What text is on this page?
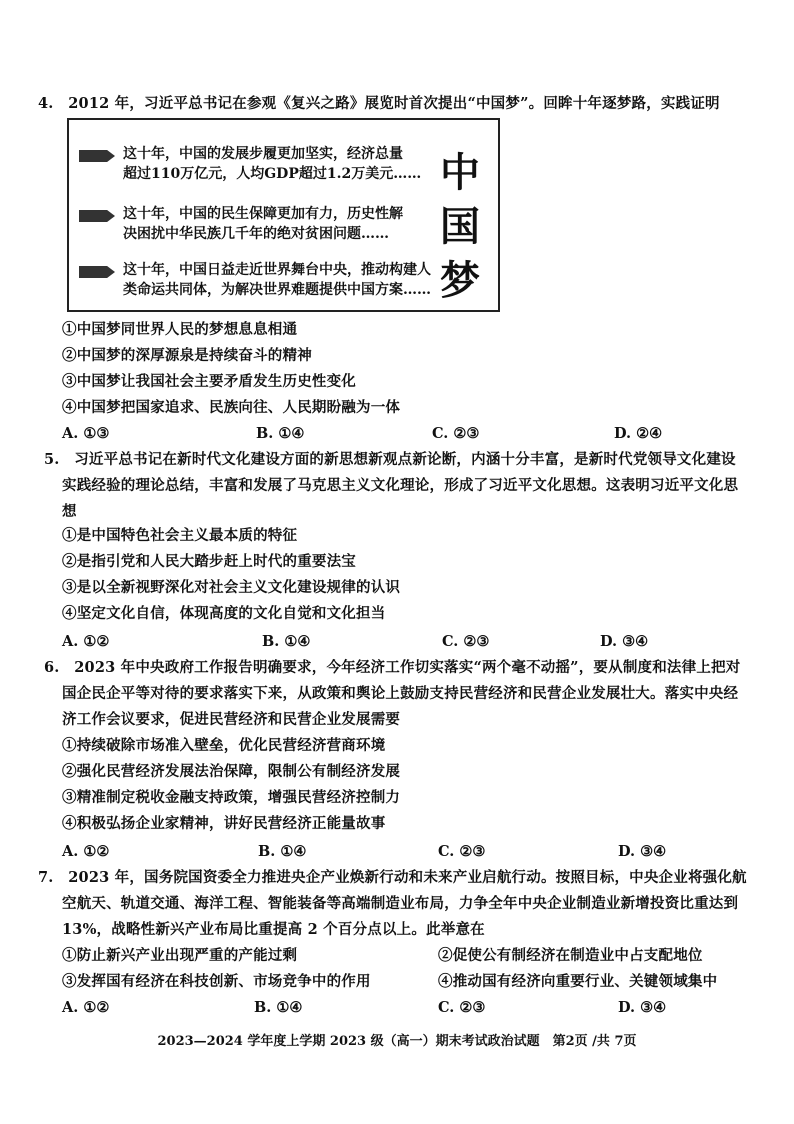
4.　2012 年，习近平总书记在参观《复兴之路》展览时首次提出“中国梦”。回眸十年逐梦路，实践证明
这十年，中国的发展步履更加坚实，经济总量
超过110万亿元，人均GDP超过1.2万美元……
这十年，中国的民生保障更加有力，历史性解
决困扰中华民族几千年的绝对贫困问题……
这十年，中国日益走近世界舞台中央，推动构建人
类命运共同体，为解决世界难题提供中国方案……
中
国
梦
①中国梦同世界人民的梦想息息相通
②中国梦的深厚源泉是持续奋斗的精神
③中国梦让我国社会主要矛盾发生历史性变化
④中国梦把国家追求、民族向往、人民期盼融为一体
A. ①③	B. ①④	C. ②③	D. ②④
5.　习近平总书记在新时代文化建设方面的新思想新观点新论断，内涵十分丰富，是新时代党领导文化建设
实践经验的理论总结，丰富和发展了马克思主义文化理论，形成了习近平文化思想。这表明习近平文化思
想
①是中国特色社会主义最本质的特征
②是指引党和人民大踏步赶上时代的重要法宝
③是以全新视野深化对社会主义文化建设规律的认识
④坚定文化自信，体现高度的文化自觉和文化担当
A. ①②	B. ①④	C. ②③	D. ③④
6.　2023 年中央政府工作报告明确要求，今年经济工作切实落实“两个毫不动摇”，要从制度和法律上把对
国企民企平等对待的要求落实下来，从政策和舆论上鼓励支持民营经济和民营企业发展壮大。落实中央经
济工作会议要求，促进民营经济和民营企业发展需要
①持续破除市场准入壁垒，优化民营经济营商环境
②强化民营经济发展法治保障，限制公有制经济发展
③精准制定税收金融支持政策，增强民营经济控制力
④积极弘扬企业家精神，讲好民营经济正能量故事
A. ①②	B. ①④	C. ②③	D. ③④
7.　2023 年，国务院国资委全力推进央企产业焕新行动和未来产业启航行动。按照目标，中央企业将强化航
空航天、轨道交通、海洋工程、智能装备等高端制造业布局，力争全年中央企业制造业新增投资比重达到
13%，战略性新兴产业布局比重提高 2 个百分点以上。此举意在
①防止新兴产业出现严重的产能过剩	②促使公有制经济在制造业中占支配地位
③发挥国有经济在科技创新、市场竞争中的作用	④推动国有经济向重要行业、关键领域集中
A. ①②	B. ①④	C. ②③	D. ③④
2023—2024 学年度上学期 2023 级（高一）期末考试政治试题　第2页 /共 7页
